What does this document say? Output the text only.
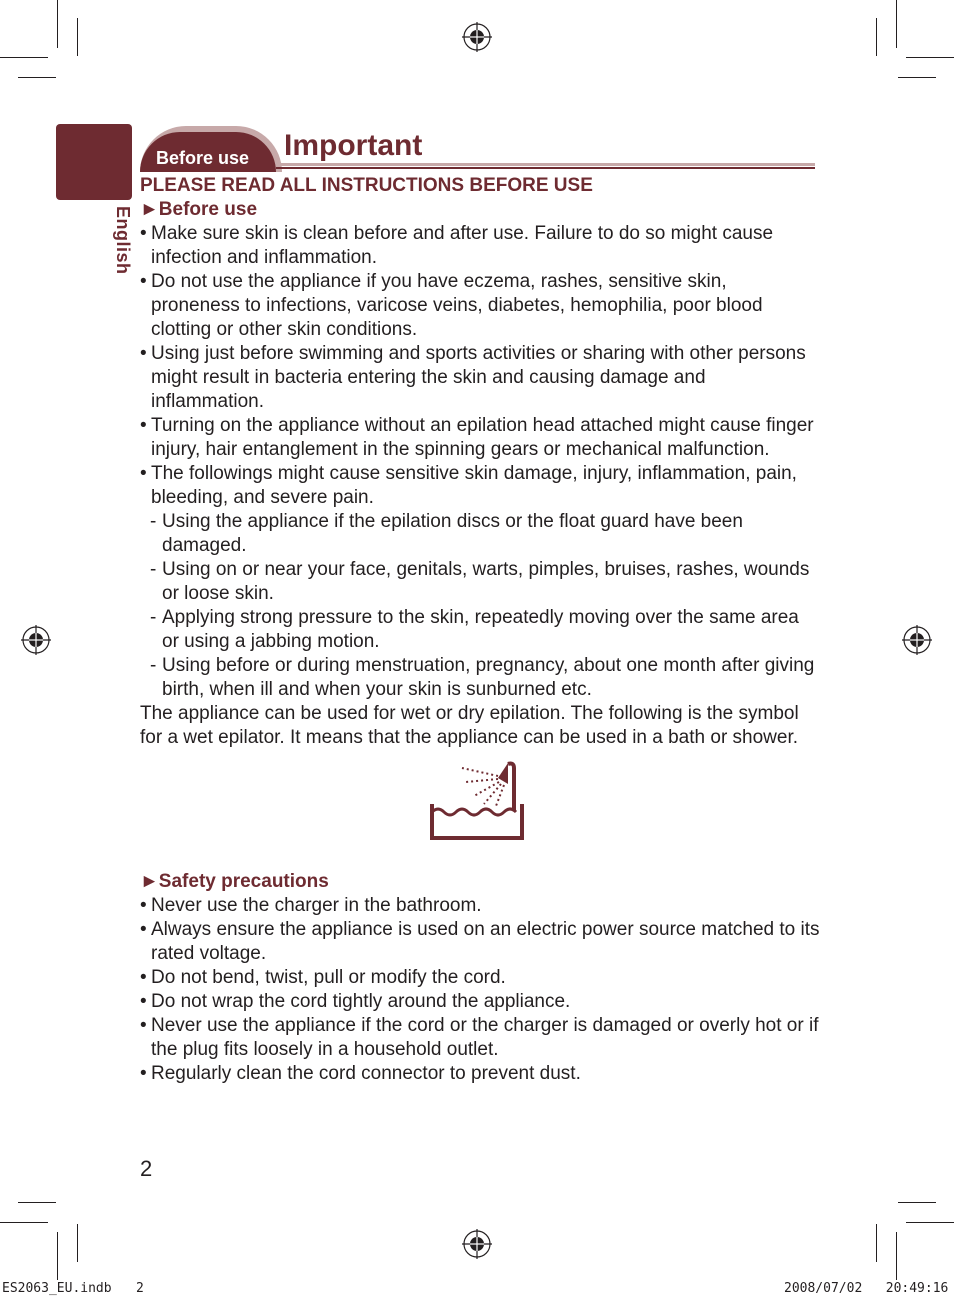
English
Before use Important

PLEASE READ ALL INSTRUCTIONS BEFORE USE

►Before use

• Make sure skin is clean before and after use. Failure to do so might cause infection and inflammation.
• Do not use the appliance if you have eczema, rashes, sensitive skin, proneness to infections, varicose veins, diabetes, hemophilia, poor blood clotting or other skin conditions.
• Using just before swimming and sports activities or sharing with other persons might result in bacteria entering the skin and causing damage and inflammation.
• Turning on the appliance without an epilation head attached might cause finger injury, hair entanglement in the spinning gears or mechanical malfunction.
• The followings might cause sensitive skin damage, injury, inflammation, pain, bleeding, and severe pain.
- Using the appliance if the epilation discs or the float guard have been damaged.
- Using on or near your face, genitals, warts, pimples, bruises, rashes, wounds or loose skin.
- Applying strong pressure to the skin, repeatedly moving over the same area or using a jabbing motion.
- Using before or during menstruation, pregnancy, about one month after giving birth, when ill and when your skin is sunburned etc.

The appliance can be used for wet or dry epilation. The following is the symbol for a wet epilator. It means that the appliance can be used in a bath or shower.

►Safety precautions

• Never use the charger in the bathroom.
• Always ensure the appliance is used on an electric power source matched to its rated voltage.
• Do not bend, twist, pull or modify the cord.
• Do not wrap the cord tightly around the appliance.
• Never use the appliance if the cord or the charger is damaged or overly hot or if the plug fits loosely in a household outlet.
• Regularly clean the cord connector to prevent dust.
2
ES2063_EU.indb 2	2008/07/02   20:49:16
